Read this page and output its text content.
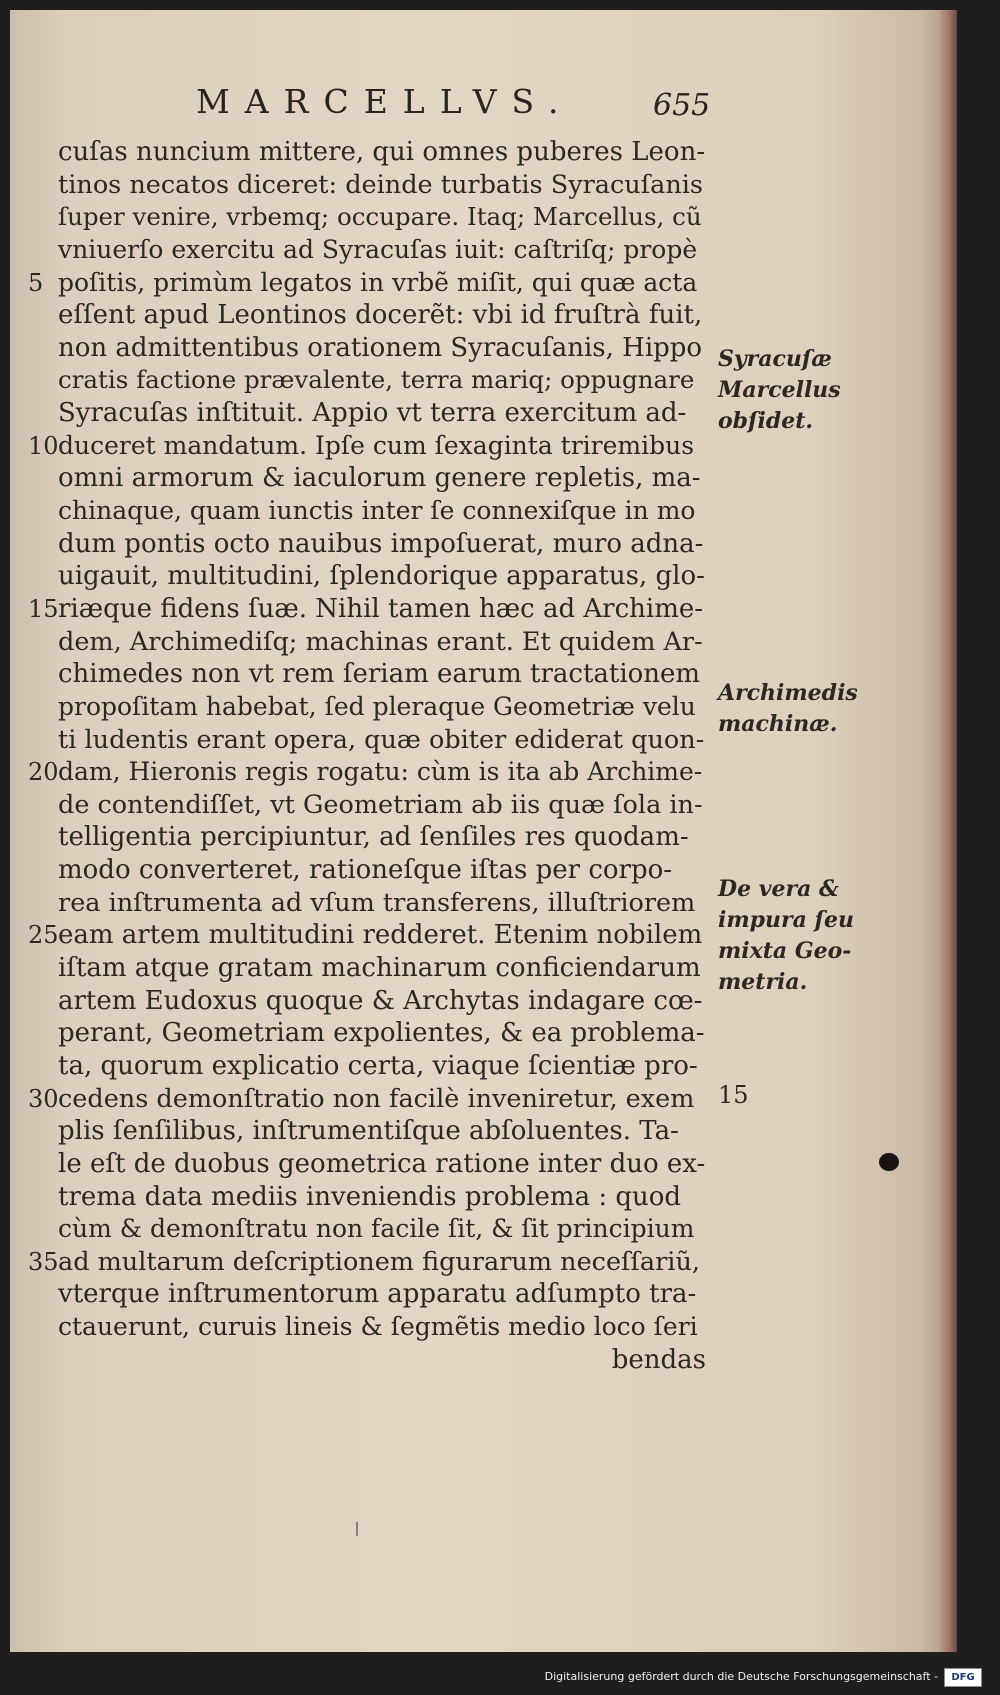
MARCELLVS.	655
cuſas nuncium mittere, qui omnes puberes Leon-
tinos necatos diceret: deinde turbatis Syracuſanis
ſuper venire, vrbemq; occupare. Itaq; Marcellus, cũ
vniuerſo exercitu ad Syracuſas iuit: caſtriſq; propè
5 poſitis, primùm legatos in vrbẽ miſit, qui quæ acta
eſſent apud Leontinos docerẽt: vbi id fruſtrà fuit,
non admittentibus orationem Syracuſanis, Hippo
cratis factione prævalente, terra mariq; oppugnare
Syracuſas inſtituit. Appio vt terra exercitum ad-
10 duceret mandatum. Ipſe cum ſexaginta triremibus
omni armorum & iaculorum genere repletis, ma-
chinaque, quam iunctis inter ſe connexiſque in mo
dum pontis octo nauibus impoſuerat, muro adna-
uigauit, multitudini, ſplendorique apparatus, glo-
15 riæque fidens ſuæ. Nihil tamen hæc ad Archime-
dem, Archimediſq; machinas erant. Et quidem Ar-
chimedes non vt rem ſeriam earum tractationem
propoſitam habebat, ſed pleraque Geometriæ velu
ti ludentis erant opera, quæ obiter ediderat quon-
20 dam, Hieronis regis rogatu: cùm is ita ab Archime-
de contendiſſet, vt Geometriam ab iis quæ ſola in-
telligentia percipiuntur, ad ſenſiles res quodam-
modo converteret, rationeſque iſtas per corpo-
rea inſtrumenta ad vſum transferens, illuſtriorem
25 eam artem multitudini redderet. Etenim nobilem
iſtam atque gratam machinarum conficiendarum
artem Eudoxus quoque & Archytas indagare cœ-
perant, Geometriam expolientes, & ea problema-
ta, quorum explicatio certa, viaque ſcientiæ pro-
30 cedens demonſtratio non facilè inveniretur, exem
plis ſenſilibus, inſtrumentiſque abſoluentes. Ta-
le eſt de duobus geometrica ratione inter duo ex-
trema data mediis inveniendis problema : quod
cùm & demonſtratu non facile ſit, & ſit principium
35 ad multarum deſcriptionem figurarum neceſſariũ,
vterque inſtrumentorum apparatu adſumpto tra-
ctauerunt, curuis lineis & ſegmẽtis medio loco ſeri
bendas
Syracuſæ
Marcellus
obſidet.
Archimedis
machinæ.
De vera &
impura ſeu
mixta Geo-
metria.
15
Digitalisierung gefördert durch die Deutsche Forschungsgemeinschaft -	DFG
